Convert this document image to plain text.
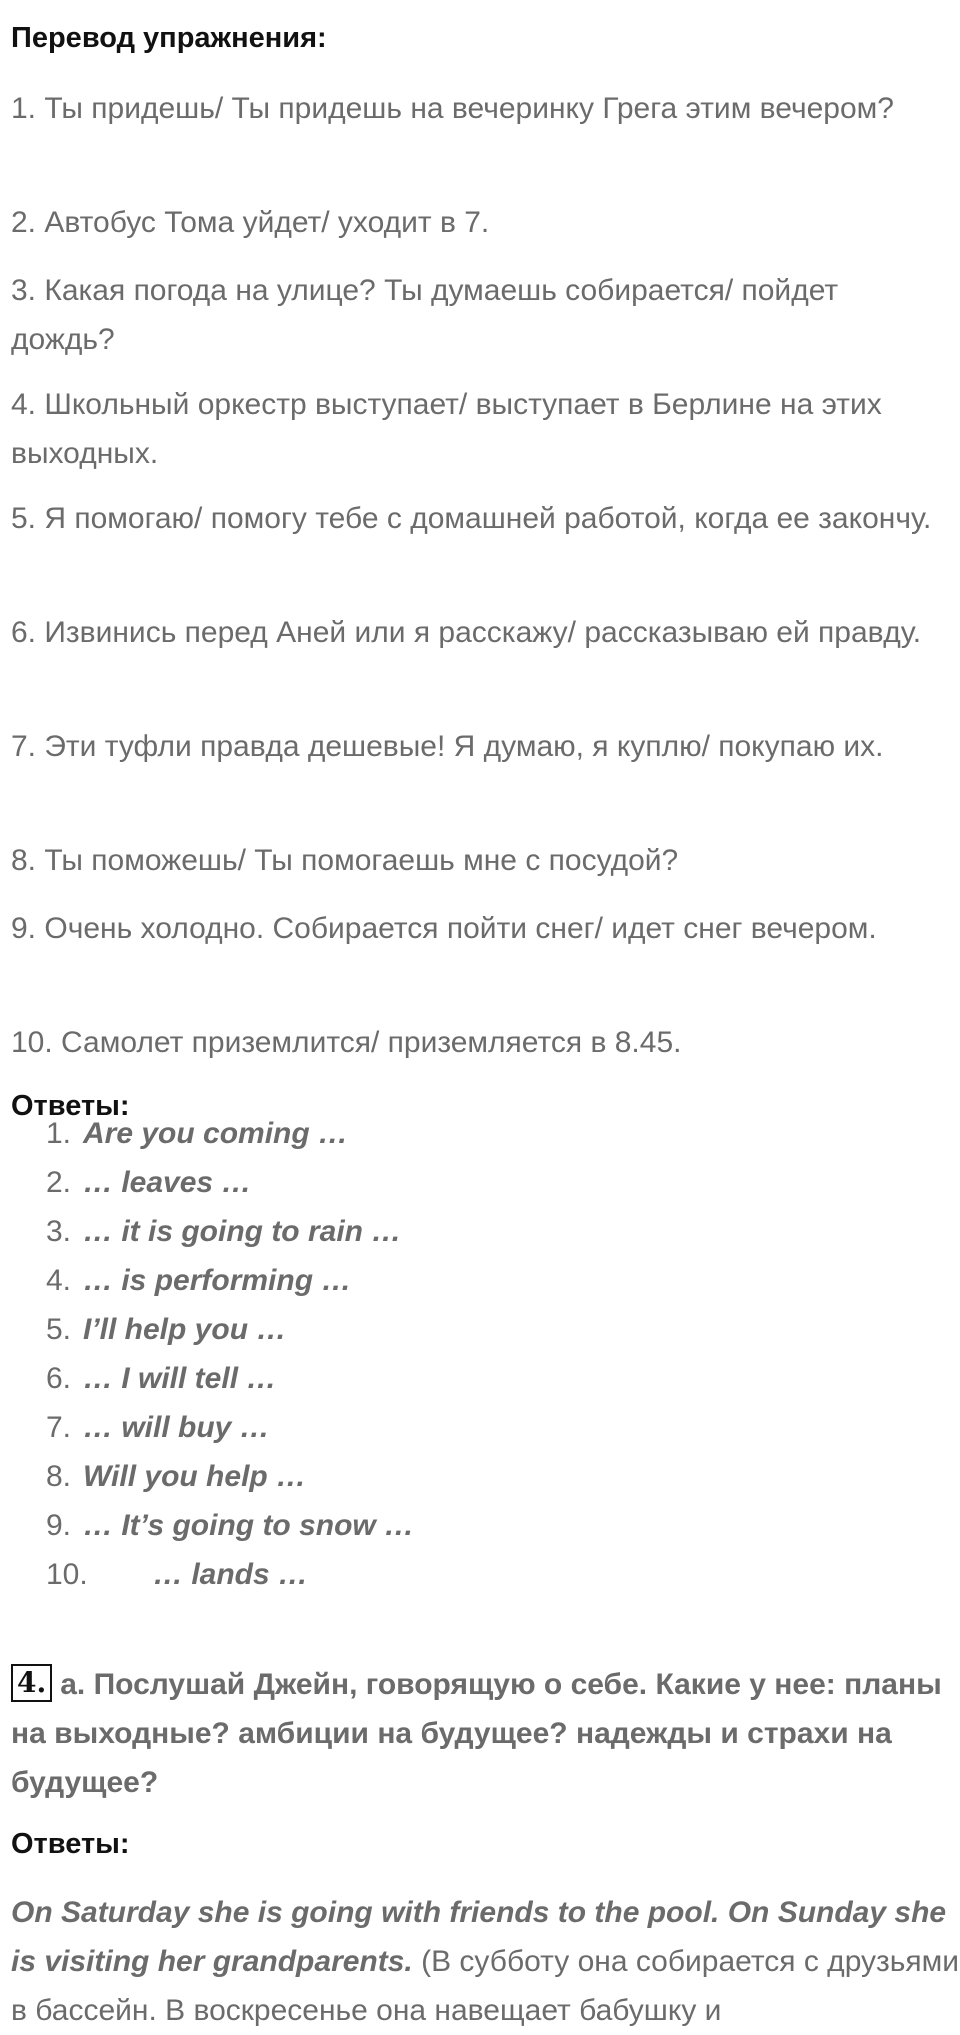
Перевод упражнения:
1. Ты придешь/ Ты придешь на вечеринку Грега этим вечером?
2. Автобус Тома уйдет/ уходит в 7.
3. Какая погода на улице? Ты думаешь собирается/ пойдет дождь?
4. Школьный оркестр выступает/ выступает в Берлине на этих выходных.
5. Я помогаю/ помогу тебе с домашней работой, когда ее закончу.
6. Извинись перед Аней или я расскажу/ рассказываю ей правду.
7. Эти туфли правда дешевые! Я думаю, я куплю/ покупаю их.
8. Ты поможешь/ Ты помогаешь мне с посудой?
9. Очень холодно. Собирается пойти снег/ идет снег вечером.
10. Самолет приземлится/ приземляется в 8.45.
Ответы:
1. Are you coming …
2. … leaves …
3. … it is going to rain …
4. … is performing …
5. I’ll help you …
6. … I will tell …
7. … will buy …
8. Will you help …
9. … It’s going to snow …
10. … lands …
4. a. Послушай Джейн, говорящую о себе. Какие у нее: планы на выходные? амбиции на будущее? надежды и страхи на будущее?
Ответы:
On Saturday she is going with friends to the pool. On Sunday she is visiting her grandparents. (В субботу она собирается с друзьями в бассейн. В воскресенье она навещает бабушку и
